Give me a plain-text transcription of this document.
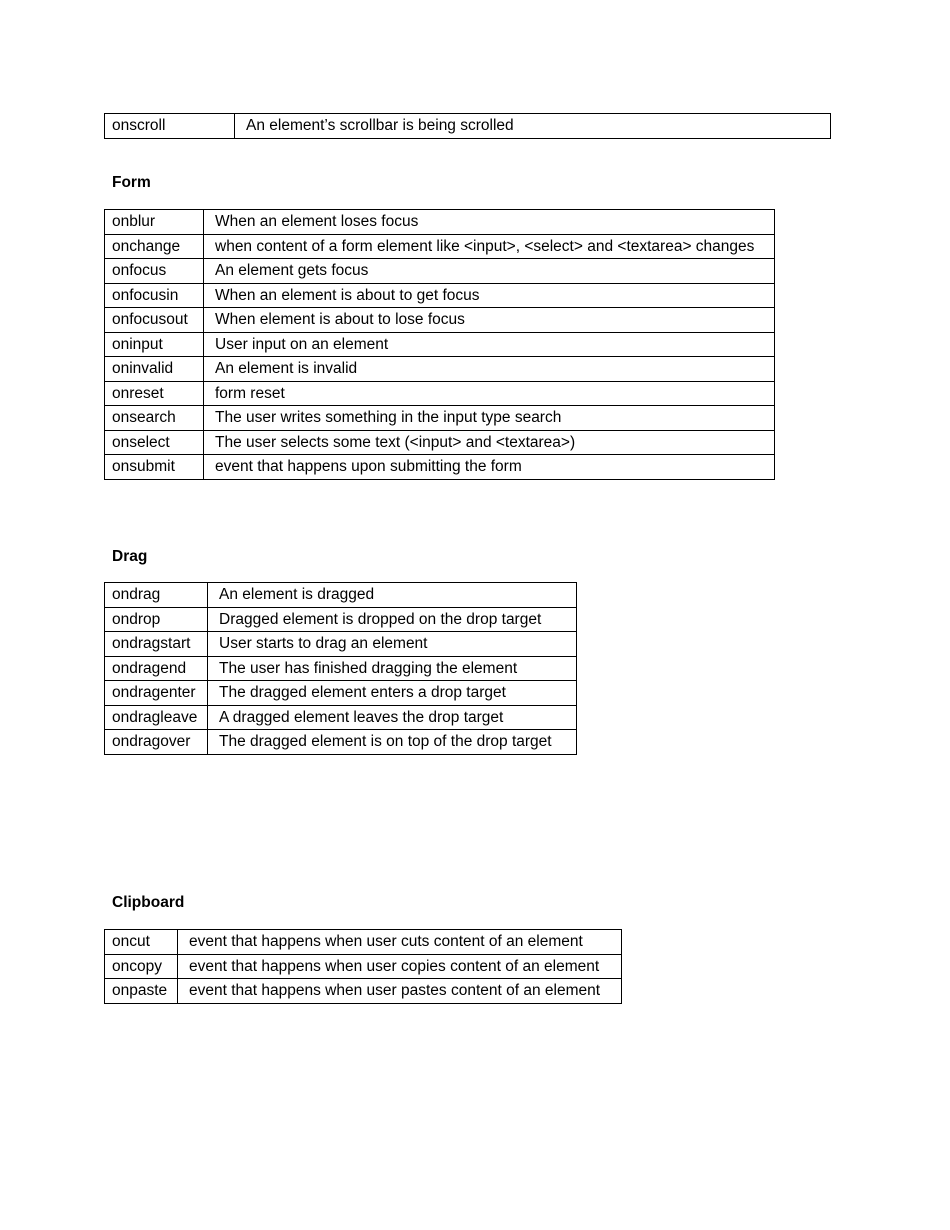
onscroll	An element’s scrollbar is being scrolled
Form
onblur	When an element loses focus
onchange	when content of a form element like <input>, <select> and <textarea> changes
onfocus	An element gets focus
onfocusin	When an element is about to get focus
onfocusout	When element is about to lose focus
oninput	User input on an element
oninvalid	An element is invalid
onreset	form reset
onsearch	The user writes something in the input type search
onselect	The user selects some text (<input> and <textarea>)
onsubmit	event that happens upon submitting the form
Drag
ondrag	An element is dragged
ondrop	Dragged element is dropped on the drop target
ondragstart	User starts to drag an element
ondragend	The user has finished dragging the element
ondragenter	The dragged element enters a drop target
ondragleave	A dragged element leaves the drop target
ondragover	The dragged element is on top of the drop target
Clipboard
oncut	event that happens when user cuts content of an element
oncopy	event that happens when user copies content of an element
onpaste	event that happens when user pastes content of an element
